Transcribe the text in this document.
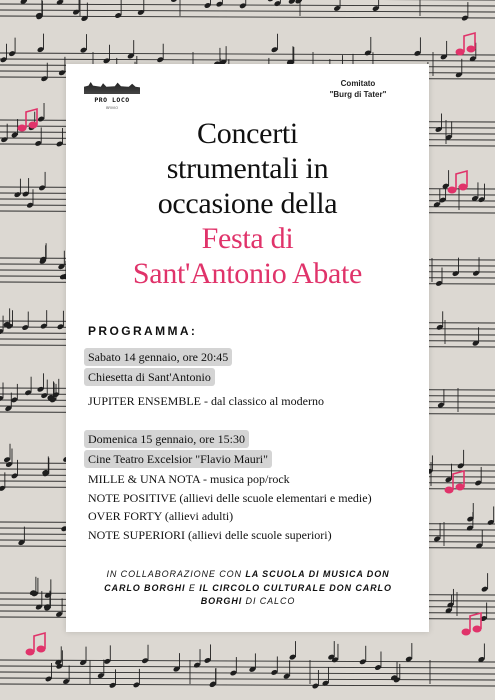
PRO LOCO
BRIVIO
Comitato
"Burg di Tater"
Concerti
strumentali in
occasione della
Festa di
Sant'Antonio Abate
PROGRAMMA:
Sabato 14 gennaio, ore 20:45
Chiesetta di Sant'Antonio
JUPITER ENSEMBLE - dal classico al moderno
Domenica 15 gennaio, ore 15:30
Cine Teatro Excelsior "Flavio Mauri"
MILLE & UNA NOTA - musica pop/rock
NOTE POSITIVE (allievi delle scuole elementari e medie)
OVER FORTY (allievi adulti)
NOTE SUPERIORI (allievi delle scuole superiori)
IN COLLABORAZIONE CON LA SCUOLA DI MUSICA DON CARLO BORGHI E IL CIRCOLO CULTURALE DON CARLO BORGHI DI CALCO
